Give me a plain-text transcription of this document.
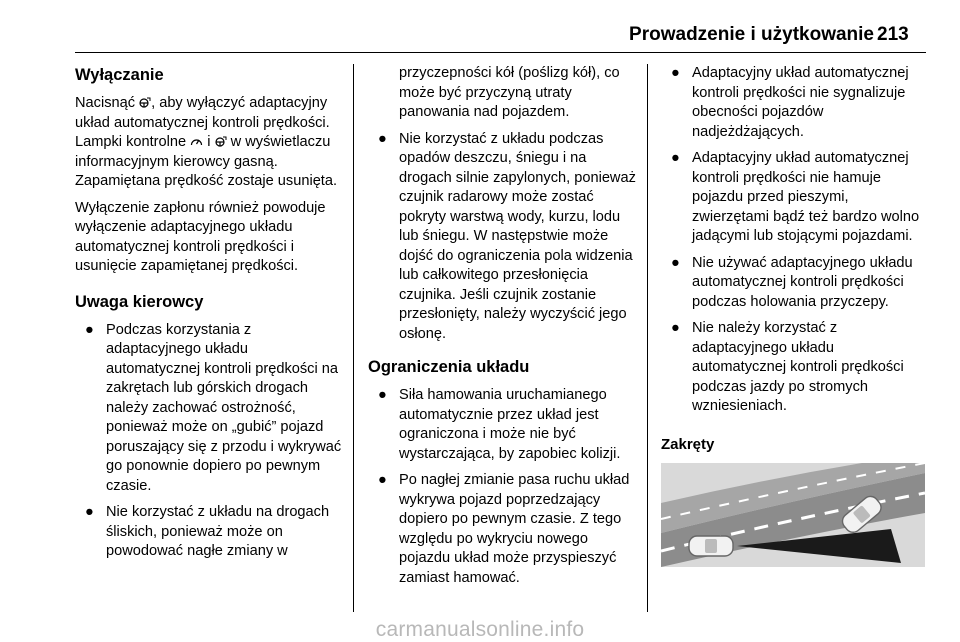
Prowadzenie i użytkowanie 213
Wyłączanie

Nacisnąć , aby wyłączyć adaptacyjny układ automatycznej kontroli prędkości. Lampki kontrolne i w wyświetlaczu informacyjnym kierowcy gasną. Zapamiętana prędkość zostaje usunięta.

Wyłączenie zapłonu również powoduje wyłączenie adaptacyjnego układu automatycznej kontroli prędkości i usunięcie zapamiętanej prędkości.

Uwaga kierowcy
● Podczas korzystania z adaptacyjnego układu automatycznej kontroli prędkości na zakrętach lub górskich drogach należy zachować ostrożność, ponieważ może on „gubić” pojazd poruszający się z przodu i wykrywać go ponownie dopiero po pewnym czasie.
● Nie korzystać z układu na drogach śliskich, ponieważ może on powodować nagłe zmiany w

przyczepności kół (poślizg kół), co może być przyczyną utraty panowania nad pojazdem.

● Nie korzystać z układu podczas opadów deszczu, śniegu i na drogach silnie zapylonych, ponieważ czujnik radarowy może zostać pokryty warstwą wody, kurzu, lodu lub śniegu. W następstwie może dojść do ograniczenia pola widzenia lub całkowitego przesłonięcia czujnika. Jeśli czujnik zostanie przesłonięty, należy wyczyścić jego osłonę.
Ograniczenia układu
● Siła hamowania uruchamianego automatycznie przez układ jest ograniczona i może nie być wystarczająca, by zapobiec kolizji.
● Po nagłej zmianie pasa ruchu układ wykrywa pojazd poprzedzający dopiero po pewnym czasie. Z tego względu po wykryciu nowego pojazdu układ może przyspieszyć zamiast hamować.
● Adaptacyjny układ automatycznej kontroli prędkości nie sygnalizuje obecności pojazdów nadjeżdżających.
● Adaptacyjny układ automatycznej kontroli prędkości nie hamuje pojazdu przed pieszymi, zwierzętami bądź też bardzo wolno jadącymi lub stojącymi pojazdami.
● Nie używać adaptacyjnego układu automatycznej kontroli prędkości podczas holowania przyczepy.
● Nie należy korzystać z adaptacyjnego układu automatycznej kontroli prędkości podczas jazdy po stromych wzniesieniach.
Zakręty
carmanualsonline.info
